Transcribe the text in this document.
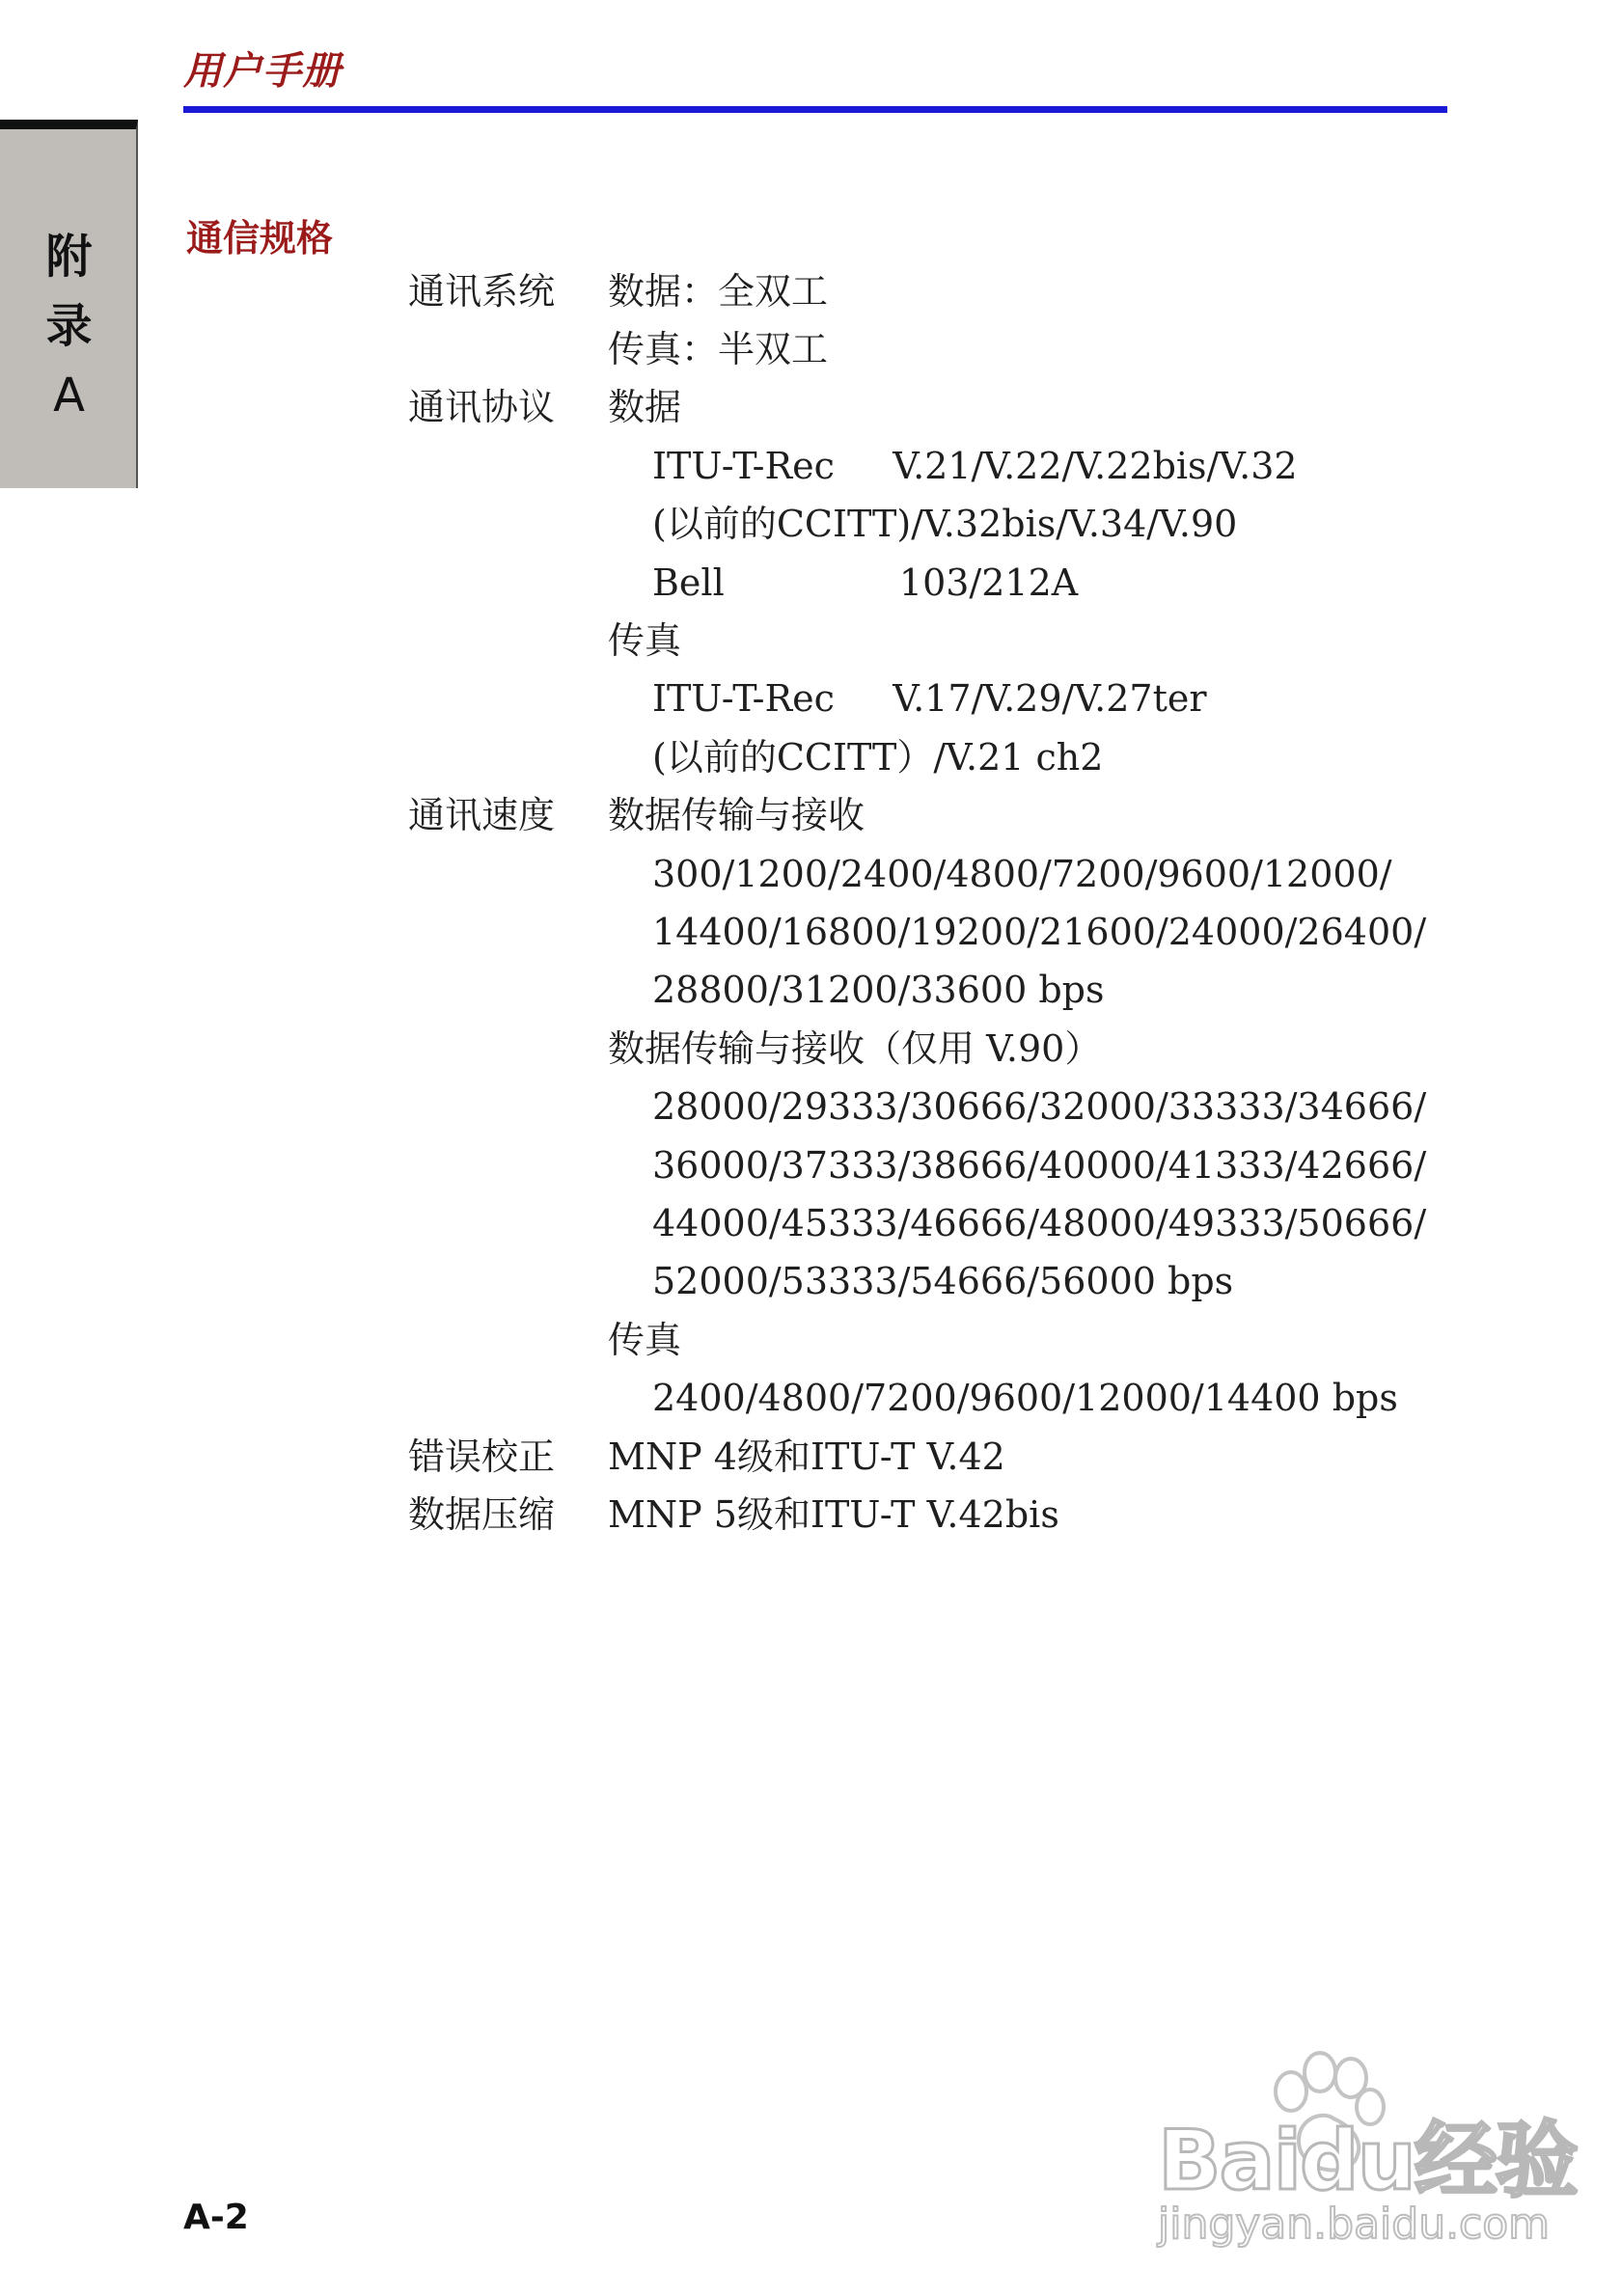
用户手册
附
录
A
通信规格
通讯系统 数据：全双工
传真：半双工
通讯协议 数据
ITU-T-Rec     V.21/V.22/V.22bis/V.32
(以前的CCITT)/V.32bis/V.34/V.90
Bell               103/212A
传真
ITU-T-Rec     V.17/V.29/V.27ter
(以前的CCITT）/V.21 ch2
通讯速度 数据传输与接收
300/1200/2400/4800/7200/9600/12000/
14400/16800/19200/21600/24000/26400/
28800/31200/33600 bps
数据传输与接收（仅用 V.90）
28000/29333/30666/32000/33333/34666/
36000/37333/38666/40000/41333/42666/
44000/45333/46666/48000/49333/50666/
52000/53333/54666/56000 bps
传真
2400/4800/7200/9600/12000/14400 bps
错误校正 MNP 4级和ITU-T V.42
数据压缩 MNP 5级和ITU-T V.42bis
A-2
Baidu经验
jingyan.baidu.com
